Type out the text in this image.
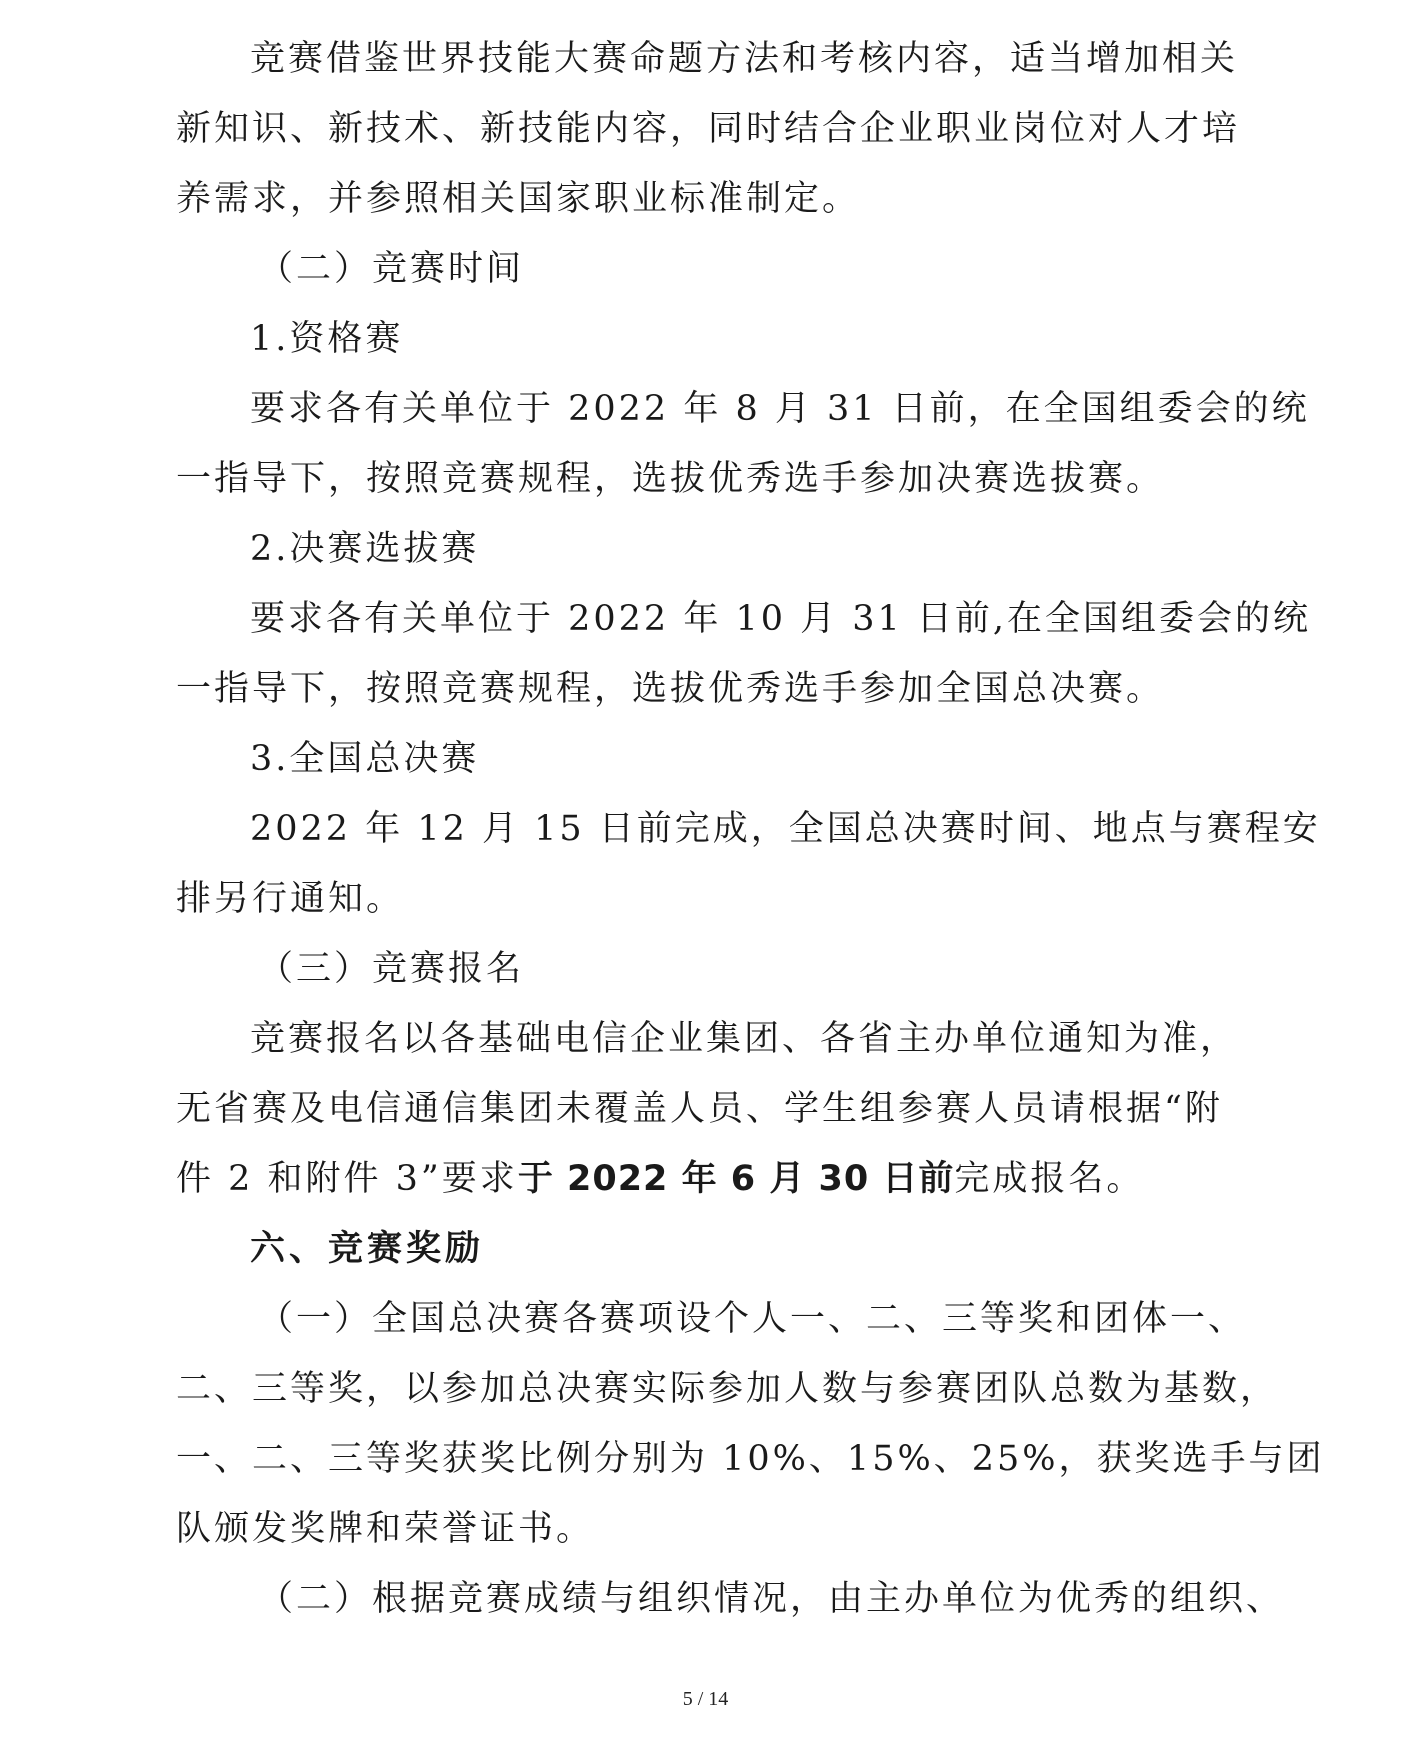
竞赛借鉴世界技能大赛命题方法和考核内容，适当增加相关
新知识、新技术、新技能内容，同时结合企业职业岗位对人才培
养需求，并参照相关国家职业标准制定。
（二）竞赛时间
1.资格赛
要求各有关单位于 2022 年 8 月 31 日前，在全国组委会的统
一指导下，按照竞赛规程，选拔优秀选手参加决赛选拔赛。
2.决赛选拔赛
要求各有关单位于 2022 年 10 月 31 日前,在全国组委会的统
一指导下，按照竞赛规程，选拔优秀选手参加全国总决赛。
3.全国总决赛
2022 年 12 月 15 日前完成，全国总决赛时间、地点与赛程安
排另行通知。
（三）竞赛报名
竞赛报名以各基础电信企业集团、各省主办单位通知为准，
无省赛及电信通信集团未覆盖人员、学生组参赛人员请根据“附
件 2 和附件 3”要求于 2022 年 6 月 30 日前完成报名。
六、竞赛奖励
（一）全国总决赛各赛项设个人一、二、三等奖和团体一、
二、三等奖，以参加总决赛实际参加人数与参赛团队总数为基数，
一、二、三等奖获奖比例分别为 10%、15%、25%，获奖选手与团
队颁发奖牌和荣誉证书。
（二）根据竞赛成绩与组织情况，由主办单位为优秀的组织、
5 / 14
